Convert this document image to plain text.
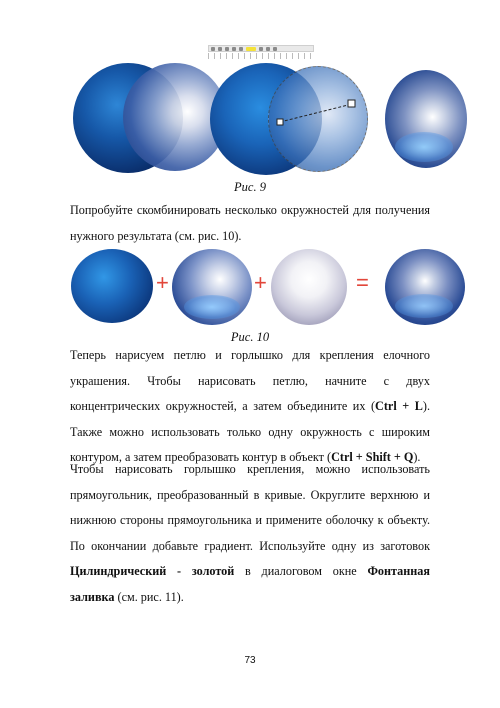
Рис. 9
Попробуйте скомбинировать несколько окружностей для получения нужного результата (см. рис. 10).
+	+	=
Рис. 10
Теперь нарисуем петлю и горлышко для крепления елочного украшения. Чтобы нарисовать петлю, начните с двух концентрических окружностей, а затем объедините их (Ctrl + L). Также можно использовать только одну окружность с широким контуром, а затем преобразовать контур в объект (Ctrl + Shift + Q).
Чтобы нарисовать горлышко крепления, можно использовать прямоугольник, преобразованный в кривые. Округлите верхнюю и нижнюю стороны прямоугольника и примените оболочку к объекту. По окончании добавьте градиент. Используйте одну из заготовок Цилиндрический - золотой в диалоговом окне Фонтанная заливка (см. рис. 11).
73
